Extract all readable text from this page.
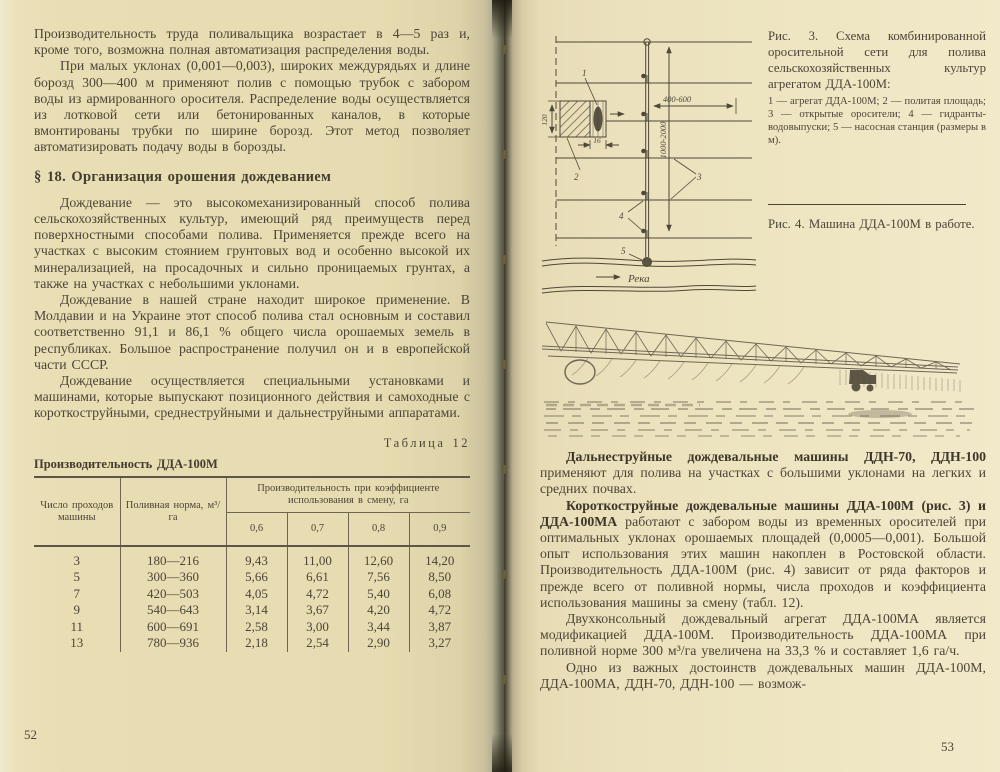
Производительность труда поливальщика возрастает в 4—5 раз и, кроме того, возможна полная автоматизация распределения воды.

При малых уклонах (0,001—0,003), широких междурядьях и длине борозд 300—400 м применяют полив с помощью трубок с забором воды из армированного оросителя. Распределение воды осуществляется из лотковой сети или бетонированных каналов, в которые вмонтированы трубки по ширине борозд. Этот метод позволяет автоматизировать подачу воды в борозды.

§ 18. Организация орошения дождеванием

Дождевание — это высокомеханизированный способ полива сельскохозяйственных культур, имеющий ряд преимуществ перед поверхностными способами полива. Применяется прежде всего на участках с высоким стоянием грунтовых вод и особенно высокой их минерализацией, на просадочных и сильно проницаемых грунтах, а также на участках с небольшими уклонами.

Дождевание в нашей стране находит широкое применение. В Молдавии и на Украине этот способ полива стал основным и составил соответственно 91,1 и 86,1 % общего числа орошаемых земель в республиках. Большое распространение получил он и в европейской части СССР.

Дождевание осуществляется специальными установками и машинами, которые выпускают позиционного действия и самоходные с короткоструйными, среднеструйными и дальнеструйными аппаратами.

Таблица 12
Производительность ДДА-100М
Число проходов машины	Поливная норма, м³/га	Производительность при коэффициенте использования в смену, га			
		0,6	0,7	0,8	0,9
3	180—216	9,43	11,00	12,60	14,20
5	300—360	5,66	6,61	7,56	8,50
7	420—503	4,05	4,72	5,40	6,08
9	540—643	3,14	3,67	4,20	4,72
11	600—691	2,58	3,00	3,44	3,87
13	780—936	2,18	2,54	2,90	3,27
52
1
2	3
4
5
400-600
1000-2000
120
16
Река
Рис. 3. Схема комбинированной оросительной сети для полива сельскохозяйственных культур агрегатом ДДА-100М:
1 — агрегат ДДА-100М; 2 — политая площадь; 3 — открытые оросители; 4 — гидранты-водовыпуски; 5 — насосная станция (размеры в м).
Рис. 4. Машина ДДА-100М в работе.

Дальнеструйные дождевальные машины ДДН-70, ДДН-100 применяют для полива на участках с большими уклонами на легких и средних почвах.

Короткоструйные дождевальные машины ДДА-100М (рис. 3) и ДДА-100МА работают с забором воды из временных оросителей при оптимальных уклонах орошаемых площадей (0,0005—0,001). Большой опыт использования этих машин накоплен в Ростовской области. Производительность ДДА-100М (рис. 4) зависит от ряда факторов и прежде всего от поливной нормы, числа проходов и коэффициента использования машины за смену (табл. 12).

Двухконсольный дождевальный агрегат ДДА-100МА является модификацией ДДА-100М. Производительность ДДА-100МА при поливной норме 300 м³/га увеличена на 33,3 % и составляет 1,6 га/ч.

Одно из важных достоинств дождевальных машин ДДА-100М, ДДА-100МА, ДДН-70, ДДН-100 — возмож-

53
